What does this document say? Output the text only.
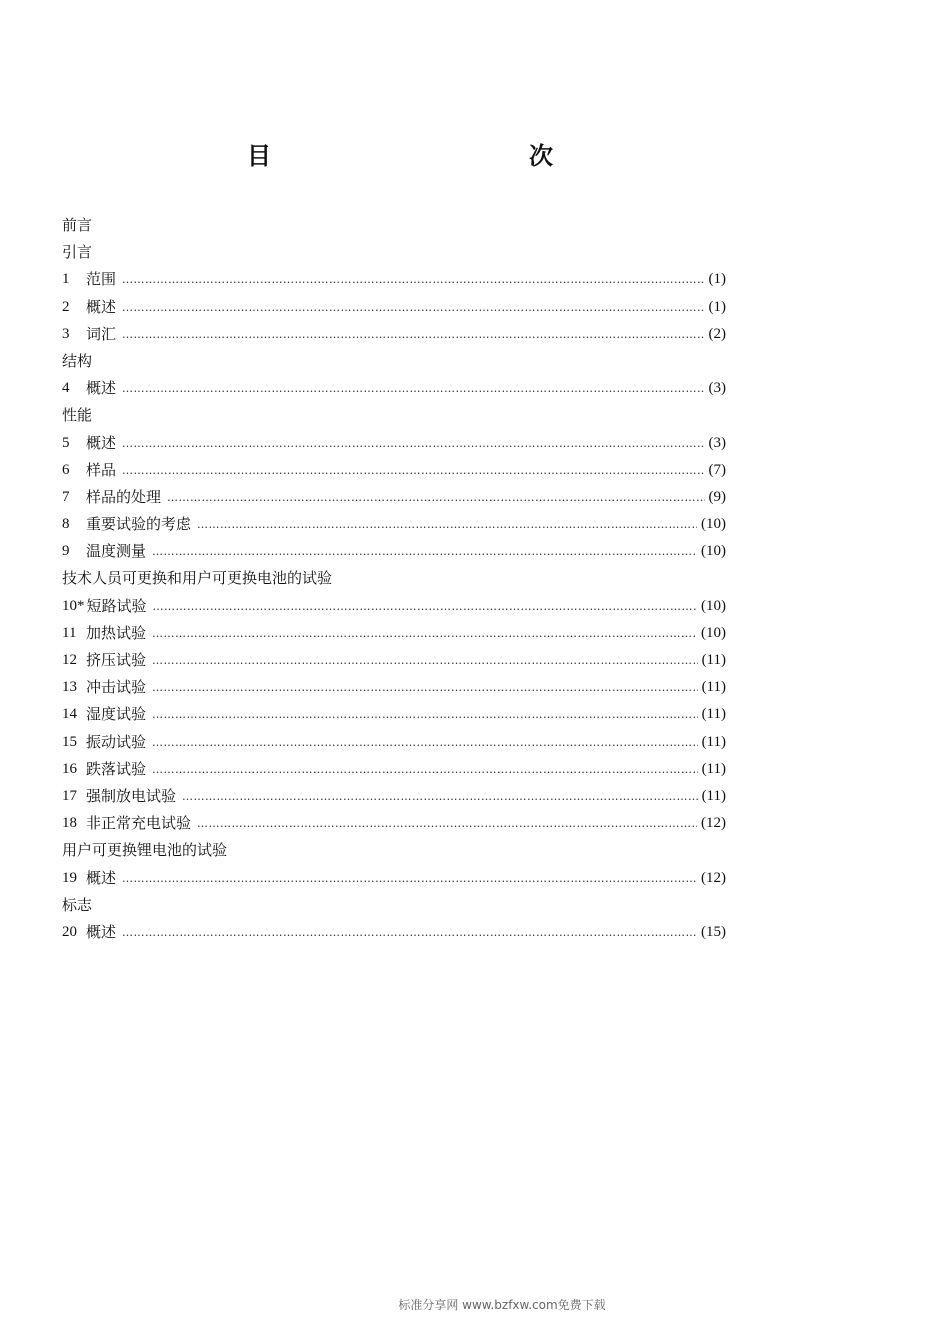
目　　次
前言
引言
1	范围 ………………………………………………………………………………………………………………………………………………………………………………	(1)
2	概述 ………………………………………………………………………………………………………………………………………………………………………………	(1)
3	词汇 ………………………………………………………………………………………………………………………………………………………………………………	(2)
结构
4	概述 ………………………………………………………………………………………………………………………………………………………………………………	(3)
性能
5	概述 ………………………………………………………………………………………………………………………………………………………………………………	(3)
6	样品 ………………………………………………………………………………………………………………………………………………………………………………	(7)
7	样品的处理 ………………………………………………………………………………………………………………………………………………………………………………	(9)
8	重要试验的考虑 ………………………………………………………………………………………………………………………………………………………………………………	(10)
9	温度测量 ………………………………………………………………………………………………………………………………………………………………………………	(10)
技术人员可更换和用户可更换电池的试验
10* 短路试验 ………………………………………………………………………………………………………………………………………………………………………………	(10)
11 加热试验 ………………………………………………………………………………………………………………………………………………………………………………	(10)
12 挤压试验 ………………………………………………………………………………………………………………………………………………………………………………	(11)
13 冲击试验 ………………………………………………………………………………………………………………………………………………………………………………	(11)
14 湿度试验 ………………………………………………………………………………………………………………………………………………………………………………	(11)
15 振动试验 ………………………………………………………………………………………………………………………………………………………………………………	(11)
16 跌落试验 ………………………………………………………………………………………………………………………………………………………………………………	(11)
17 强制放电试验 ………………………………………………………………………………………………………………………………………………………………………………	(11)
18 非正常充电试验 ………………………………………………………………………………………………………………………………………………………………………………	(12)
用户可更换锂电池的试验
19 概述 ………………………………………………………………………………………………………………………………………………………………………………	(12)
标志
20 概述 ………………………………………………………………………………………………………………………………………………………………………………	(15)
标准分享网 www.bzfxw.com免费下载
